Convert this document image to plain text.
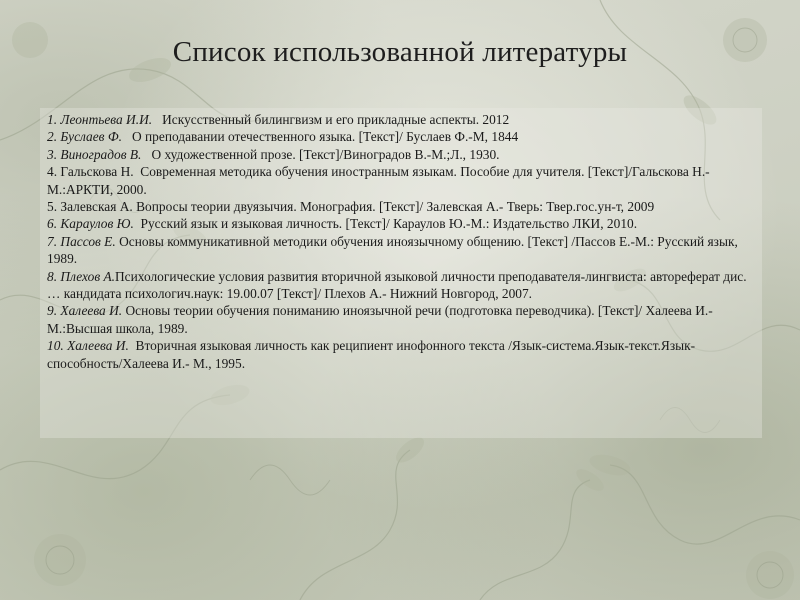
Список использованной литературы

1. Леонтьева И.И. Искусственный билингвизм и его прикладные аспекты. 2012

2. Буслаев Ф. О преподавании отечественного языка. [Текст]/ Буслаев Ф.-М, 1844

3. Виноградов В. О художественной прозе. [Текст]/Виноградов В.-М.;Л., 1930.

4. Гальскова Н. Современная методика обучения иностранным языкам. Пособие для учителя. [Текст]/Гальскова Н.-М.:АРКТИ, 2000.

5. Залевская А. Вопросы теории двуязычия. Монография. [Текст]/ Залевская А.- Тверь: Твер.гос.ун-т, 2009

6. Караулов Ю. Русский язык и языковая личность. [Текст]/ Караулов Ю.-М.: Издательство ЛКИ, 2010.

7. Пассов Е. Основы коммуникативной методики обучения иноязычному общению. [Текст] /Пассов Е.-М.: Русский язык, 1989.

8. Плехов А.Психологические условия развития вторичной языковой личности преподавателя-лингвиста: автореферат дис. … кандидата психологич.наук: 19.00.07 [Текст]/ Плехов А.- Нижний Новгород, 2007.

9. Халеева И. Основы теории обучения пониманию иноязычной речи (подготовка переводчика). [Текст]/ Халеева И.- М.:Высшая школа, 1989.

10. Халеева И. Вторичная языковая личность как реципиент инофонного текста /Язык-система.Язык-текст.Язык-способность/Халеева И.- М., 1995.
